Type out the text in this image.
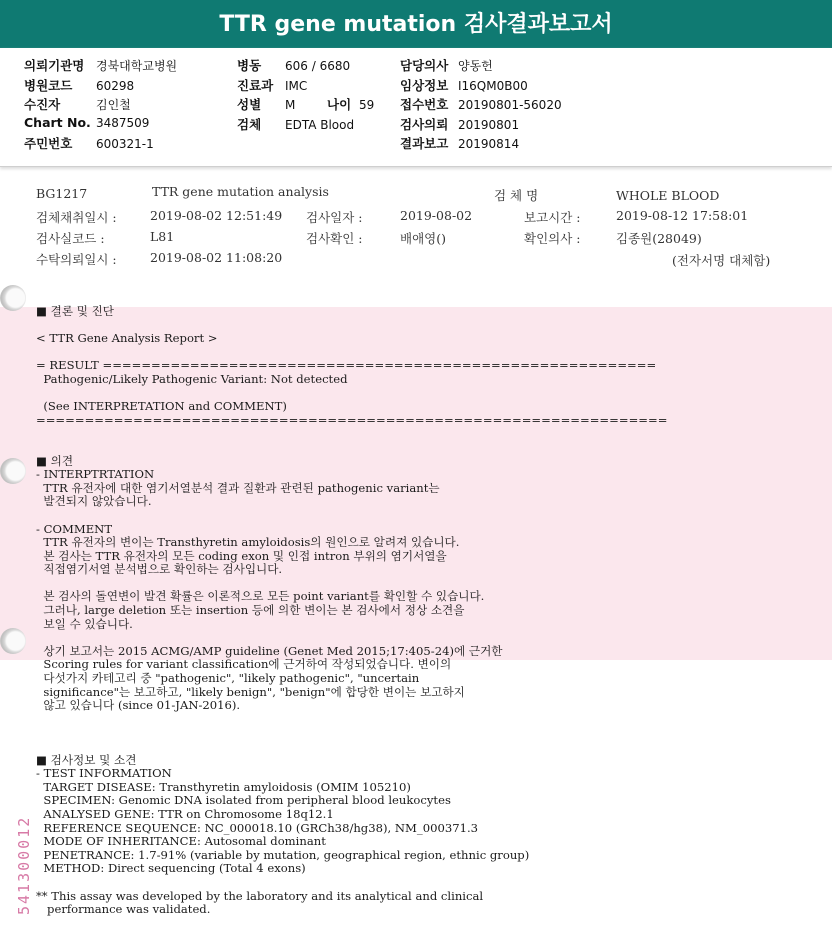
TTR gene mutation 검사결과보고서
의뢰기관명 경북대학교병원
병원코드 60298
수진자	김인철
Chart No. 3487509
주민번호 600321-1
병동 606 / 6680
진료과 IMC
성별 M	나이 59
검체 EDTA Blood
담당의사 양동헌
임상정보 I16QM0B00
접수번호 20190801-56020
검사의뢰 20190801
결과보고 20190814
BG1217	TTR gene mutation analysis	검 체 명	WHOLE BLOOD
검체채취일시 :	2019-08-02 12:51:49 검사일자 :	2019-08-02	보고시간 :	2019-08-12 17:58:01
검사실코드 :	L81	검사확인 :	배애영()	확인의사 :	김종원(28049)
수탁의뢰일시 :	2019-08-02 11:08:20	(전자서명 대체함)
■ 결론 및 진단

< TTR Gene Analysis Report >

= RESULT =========================================================
Pathogenic/Likely Pathogenic Variant: Not detected

(See INTERPRETATION and COMMENT)
=================================================================

■ 의견
- INTERPTRTATION
TTR 유전자에 대한 염기서열분석 결과 질환과 관련된 pathogenic variant는
발견되지 않았습니다.

- COMMENT
TTR 유전자의 변이는 Transthyretin amyloidosis의 원인으로 알려져 있습니다.
본 검사는 TTR 유전자의 모든 coding exon 및 인접 intron 부위의 염기서열을
직접염기서열 분석법으로 확인하는 검사입니다.

본 검사의 돌연변이 발견 확률은 이론적으로 모든 point variant를 확인할 수 있습니다.
그러나, large deletion 또는 insertion 등에 의한 변이는 본 검사에서 정상 소견을
보일 수 있습니다.

상기 보고서는 2015 ACMG/AMP guideline (Genet Med 2015;17:405-24)에 근거한
Scoring rules for variant classification에 근거하여 작성되었습니다. 변이의
다섯가지 카테고리 중 "pathogenic", "likely pathogenic", "uncertain
significance"는 보고하고, "likely benign", "benign"에 합당한 변이는 보고하지
않고 있습니다 (since 01-JAN-2016).

■ 검사정보 및 소견
- TEST INFORMATION
TARGET DISEASE: Transthyretin amyloidosis (OMIM 105210)
SPECIMEN: Genomic DNA isolated from peripheral blood leukocytes
ANALYSED GENE: TTR on Chromosome 18q12.1
REFERENCE SEQUENCE: NC_000018.10 (GRCh38/hg38), NM_000371.3
MODE OF INHERITANCE: Autosomal dominant
PENETRANCE: 1.7-91% (variable by mutation, geographical region, ethnic group)
METHOD: Direct sequencing (Total 4 exons)

** This assay was developed by the laboratory and its analytical and clinical
performance was validated.
541300012
